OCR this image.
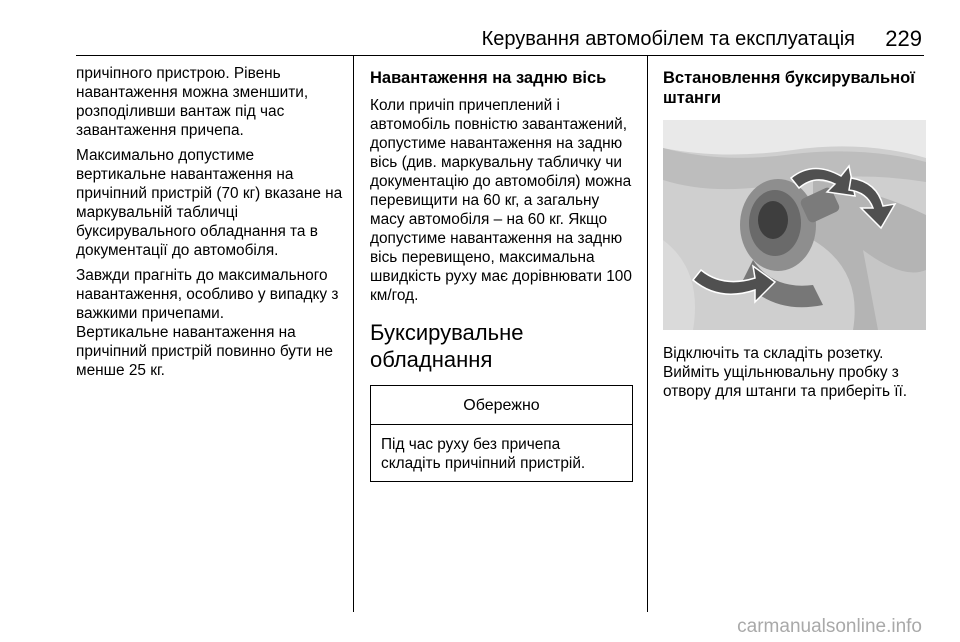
Керування автомобілем та експлуатація 229

причіпного пристрою. Рівень навантаження можна зменшити, розподіливши вантаж під час завантаження причепа.

Максимально допустиме вертикальне навантаження на причіпний пристрій (70 кг) вказане на маркувальній табличці буксирувального обладнання та в документації до автомобіля.

Завжди прагніть до максимального навантаження, особливо у випадку з важкими причепами.

Вертикальне навантаження на причіпний пристрій повинно бути не менше 25 кг.

Навантаження на задню вісь

Коли причіп причеплений і автомобіль повністю завантажений, допустиме навантаження на задню вісь (див. маркувальну табличку чи документацію до автомобіля) можна перевищити на 60 кг, а загальну масу автомобіля – на 60 кг. Якщо допустиме навантаження на задню вісь перевищено, максимальна швидкість руху має дорівнювати 100 км/год.

Буксирувальне обладнання
Обережно
Під час руху без причепа складіть причіпний пристрій.
Встановлення буксирувальної штанги

Відключіть та складіть розетку. Вийміть ущільнювальну пробку з отвору для штанги та приберіть її.

carmanualsonline.info
